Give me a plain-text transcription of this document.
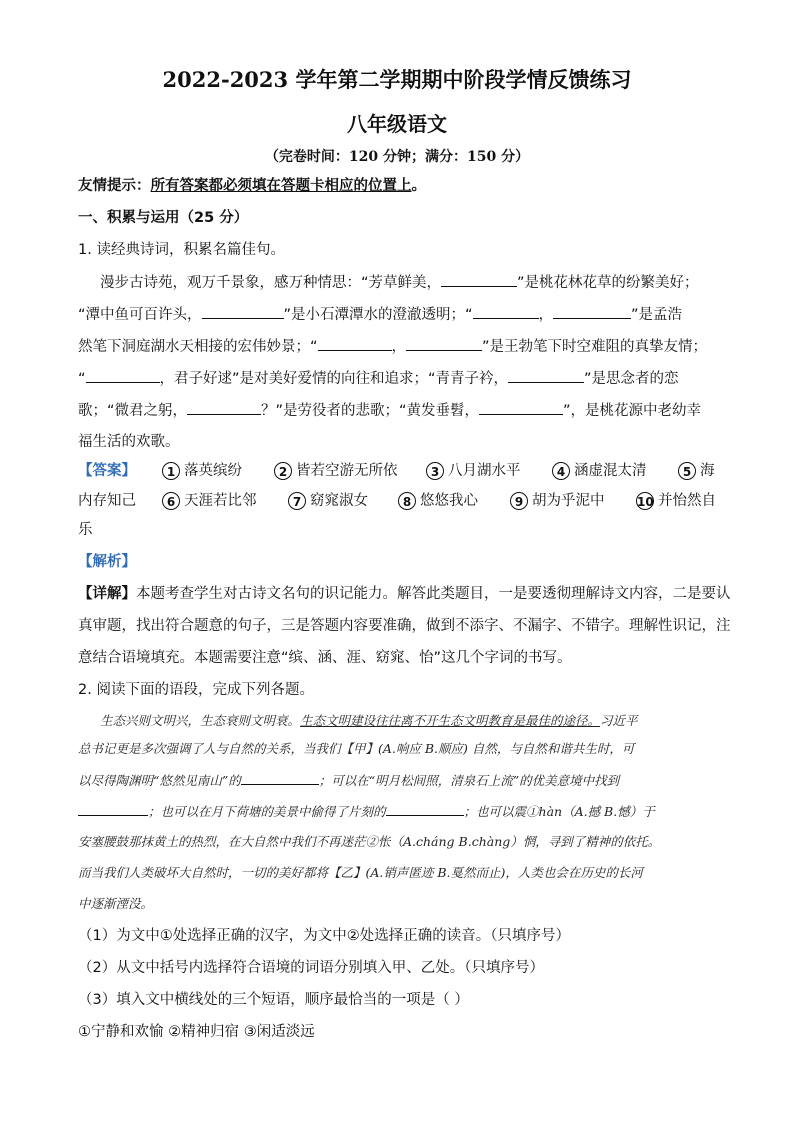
2022-2023 学年第二学期期中阶段学情反馈练习
八年级语文
（完卷时间：120 分钟；满分：150 分）
友情提示：所有答案都必须填在答题卡相应的位置上。
一、积累与运用（25 分）
1. 读经典诗词，积累名篇佳句。
漫步古诗苑，观万千景象，感万种情思：“芳草鲜美，	”是桃花林花草的纷繁美好；
“潭中鱼可百许头，	”是小石潭潭水的澄澈透明；“	，	”是孟浩
然笔下洞庭湖水天相接的宏伟妙景；“	，	”是王勃笔下时空难阻的真挚友情；
“	，君子好逑”是对美好爱情的向往和追求；“青青子衿，	”是思念者的恋
歌；“微君之躬，	？”是劳役者的悲歌；“黄发垂髫，	”，是桃花源中老幼幸
福生活的欢歌。
【答案】	1 落英缤纷	2 皆若空游无所依	3 八月湖水平	4 涵虚混太清	5 海
内存知己	6 天涯若比邻	7 窈窕淑女	8 悠悠我心	9 胡为乎泥中	10 并怡然自
乐
【解析】
【详解】本题考查学生对古诗文名句的识记能力。解答此类题目，一是要透彻理解诗文内容，二是要认
真审题，找出符合题意的句子，三是答题内容要准确，做到不添字、不漏字、不错字。理解性识记，注
意结合语境填充。本题需要注意“缤、涵、涯、窈窕、怡”这几个字词的书写。
2. 阅读下面的语段，完成下列各题。
生态兴则文明兴，生态衰则文明衰。生态文明建设往往离不开生态文明教育是最佳的途径。习近平
总书记更是多次强调了人与自然的关系，当我们【甲】(A.响应 B.顺应) 自然，与自然和谐共生时，可
以尽得陶渊明“悠然见南山”的	；可以在“明月松间照，清泉石上流”的优美意境中找到
；也可以在月下荷塘的美景中偷得了片刻的	；也可以震①hàn（A.撼 B.憾）于
安塞腰鼓那抹黄土的热烈，在大自然中我们不再迷茫②怅（A.cháng B.chàng）惘，寻到了精神的依托。
而当我们人类破坏大自然时，一切的美好都将【乙】(A.销声匿迹 B.戛然而止)，人类也会在历史的长河
中逐渐湮没。
（1）为文中①处选择正确的汉字，为文中②处选择正确的读音。（只填序号）
（2）从文中括号内选择符合语境的词语分别填入甲、乙处。（只填序号）
（3）填入文中横线处的三个短语，顺序最恰当的一项是（ ）
①宁静和欢愉 ②精神归宿 ③闲适淡远
